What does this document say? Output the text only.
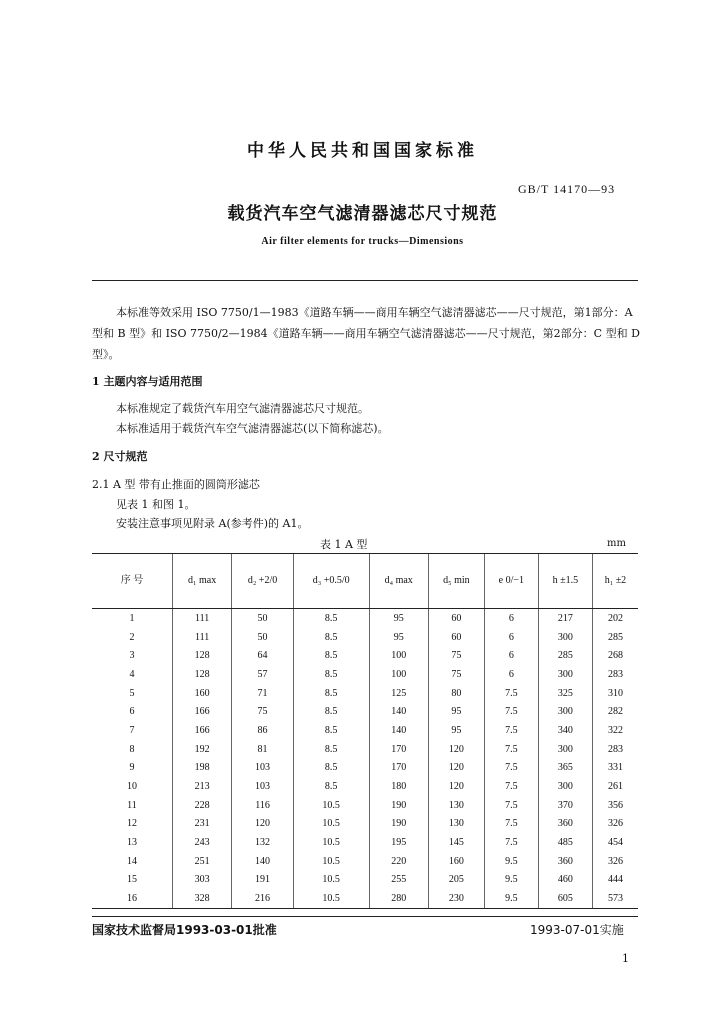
中华人民共和国国家标准
GB/T 14170—93
载货汽车空气滤清器滤芯尺寸规范
Air filter elements for trucks—Dimensions
本标准等效采用 ISO 7750/1—1983《道路车辆——商用车辆空气滤清器滤芯——尺寸规范，第1部分：A 型和 B 型》和 ISO 7750/2—1984《道路车辆——商用车辆空气滤清器滤芯——尺寸规范，第2部分：C 型和 D 型》。
1 主题内容与适用范围
本标准规定了载货汽车用空气滤清器滤芯尺寸规范。
本标准适用于载货汽车空气滤清器滤芯(以下简称滤芯)。
2 尺寸规范
2.1 A 型 带有止推面的圆筒形滤芯
见表 1 和图 1。
安装注意事项见附录 A(参考件)的 A1。
表 1 A 型	mm
序 号	d₁ max	d₂ +2/0	d₃ +0.5/0	d₄ max	d₅ min	e 0/−1	h ±1.5	h₁ ±2
1	111	50	8.5	95	60	6	217	202
2	111	50	8.5	95	60	6	300	285
3	128	64	8.5	100	75	6	285	268
4	128	57	8.5	100	75	6	300	283
5	160	71	8.5	125	80	7.5	325	310
6	166	75	8.5	140	95	7.5	300	282
7	166	86	8.5	140	95	7.5	340	322
8	192	81	8.5	170	120	7.5	300	283
9	198	103	8.5	170	120	7.5	365	331
10	213	103	8.5	180	120	7.5	300	261
11	228	116	10.5	190	130	7.5	370	356
12	231	120	10.5	190	130	7.5	360	326
13	243	132	10.5	195	145	7.5	485	454
14	251	140	10.5	220	160	9.5	360	326
15	303	191	10.5	255	205	9.5	460	444
16	328	216	10.5	280	230	9.5	605	573
国家技术监督局1993-03-01批准	1993-07-01实施
1
